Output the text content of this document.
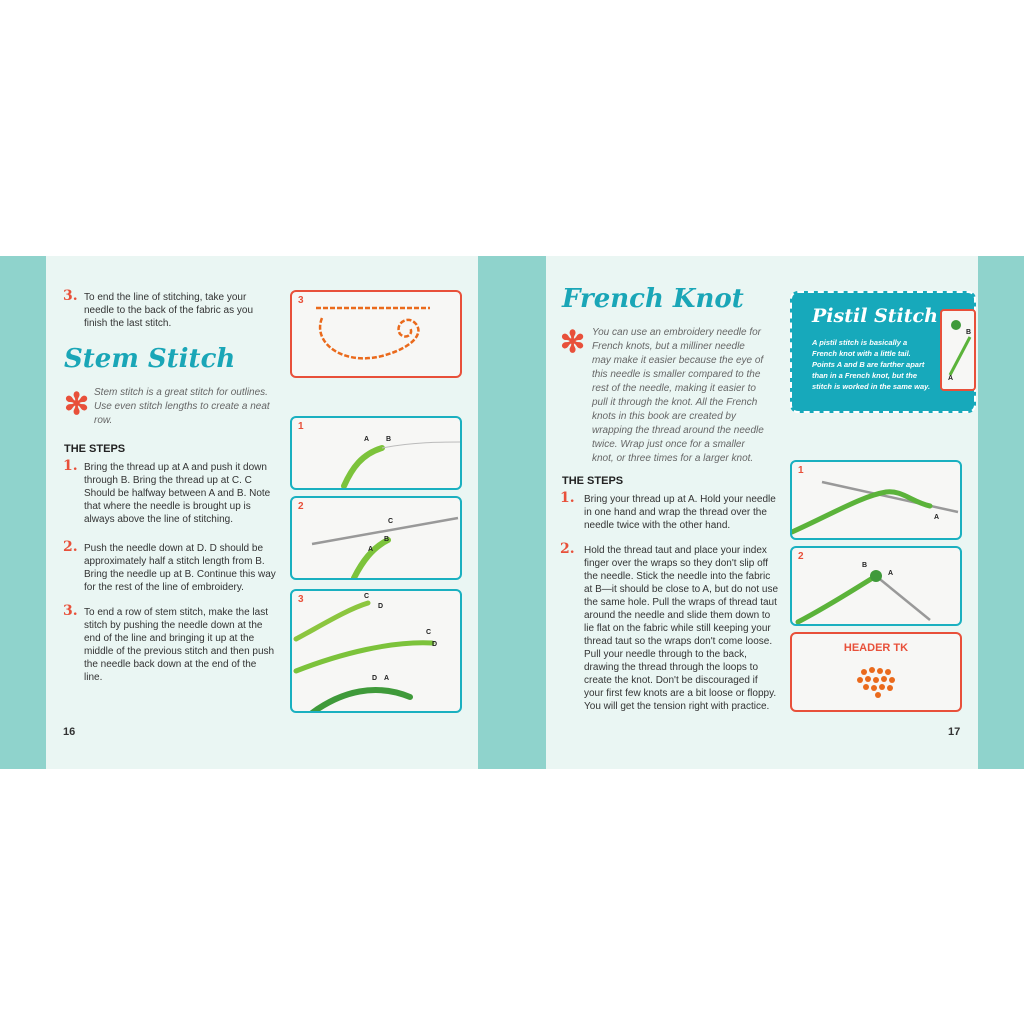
3. To end the line of stitching, take your needle to the back of the fabric as you finish the last stitch.

Stem Stitch
✻ Stem stitch is a great stitch for outlines. Use even stitch lengths to create a neat row.

THE STEPS
1. Bring the thread up at A and push it down through B. Bring the thread up at C. C Should be halfway between A and B. Note that where the needle is brought up is always above the line of stitching.

2. Push the needle down at D. D should be approximately half a stitch length from B. Bring the needle up at B. Continue this way for the rest of the line of embroidery.

3. To end a row of stem stitch, make the last stitch by pushing the needle down at the end of the line and bringing it up at the middle of the previous stitch and then push the needle back down at the end of the line.

16
3
1
A B
2
C
A
B
3	C
D
C
D
D A
French Knot
✻ You can use an embroidery needle for French knots, but a milliner needle may make it easier because the eye of this needle is smaller compared to the rest of the needle, making it easier to pull it through the knot. All the French knots in this book are created by wrapping the thread around the needle twice. Wrap just once for a smaller knot, or three times for a larger knot.

THE STEPS
1. Bring your thread up at A. Hold your needle in one hand and wrap the thread over the needle twice with the other hand.

2. Hold the thread taut and place your index finger over the wraps so they don't slip off the needle. Stick the needle into the fabric at B—it should be close to A, but do not use the same hole. Pull the wraps of thread taut around the needle and slide them down to lie flat on the fabric while still keeping your thread taut so the wraps don't come loose. Pull your needle through to the back, drawing the thread through the loops to create the knot. Don't be discouraged if your first few knots are a bit loose or floppy. You will get the tension right with practice.

17
1
A
2
B
A
HEADER TK
Pistil Stitch

A pistil stitch is basically a French knot with a little tail. Points A and B are farther apart than in a French knot, but the stitch is worked in the same way.

B
A
